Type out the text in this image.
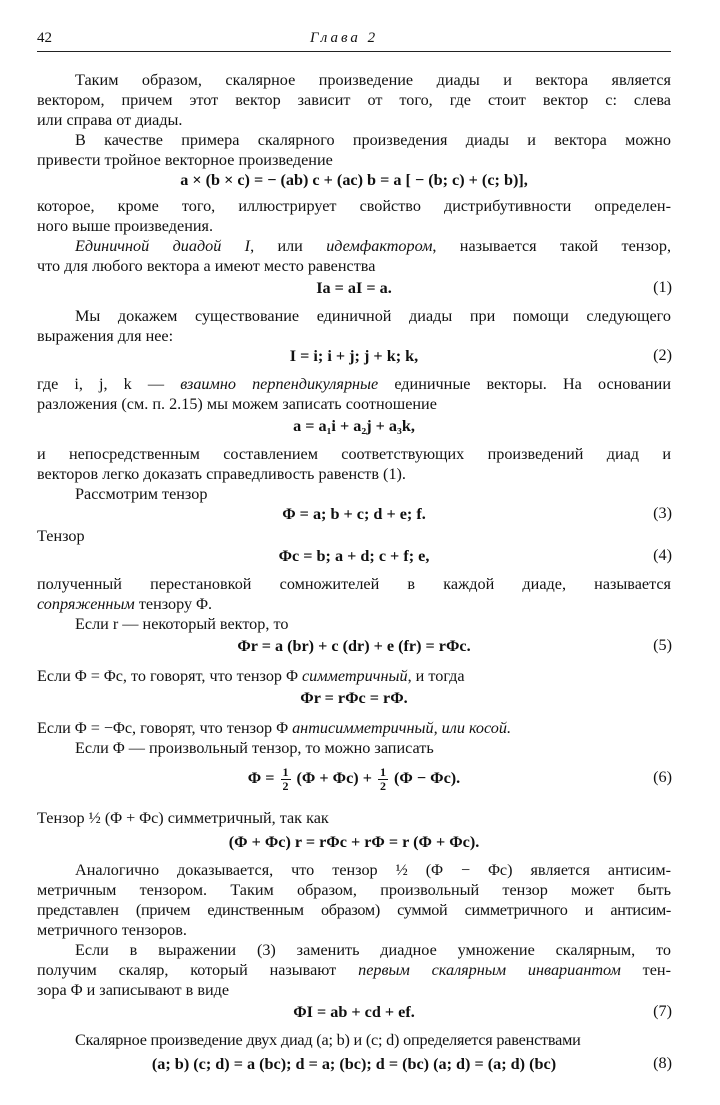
42	Глава 2
Таким образом, скалярное произведение диады и вектора является
вектором, причем этот вектор зависит от того, где стоит вектор c: слева
или справа от диады.
В качестве примера скалярного произведения диады и вектора можно
привести тройное векторное произведение
a × (b × c) = − (ab) c + (ac) b = a [ − (b; c) + (c; b)],
которое, кроме того, иллюстрирует свойство дистрибутивности определен-
ного выше произведения.
Единичной диадой I, или идемфактором, называется такой тензор,
что для любого вектора a имеют место равенства
Ia = aI = a.	(1)
Мы докажем существование единичной диады при помощи следующего
выражения для нее:
I = i; i + j; j + k; k,	(2)
где i, j, k — взаимно перпендикулярные единичные векторы. На основании
разложения (см. п. 2.15) мы можем записать соотношение
a = a₁i + a₂j + a₃k,
и непосредственным составлением соответствующих произведений диад и
векторов легко доказать справедливость равенств (1).
Рассмотрим тензор
Φ = a; b + c; d + e; f.	(3)
Тензор
Φc = b; a + d; c + f; e,	(4)
полученный перестановкой сомножителей в каждой диаде, называется
сопряженным тензору Φ.
Если r — некоторый вектор, то
Φr = a (br) + c (dr) + e (fr) = rΦc.	(5)
Если Φ = Φc, то говорят, что тензор Φ симметричный, и тогда
Φr = rΦc = rΦ.
Если Φ = −Φc, говорят, что тензор Φ антисимметричный, или косой.
Если Φ — произвольный тензор, то можно записать
$\Phi = \frac{1}{2} (\Phi + \Phi c) + \frac{1}{2} (\Phi - \Phi c)$.	(6)
Тензор ½ (Φ + Φc) симметричный, так как
(Φ + Φc) r = rΦc + rΦ = r (Φ + Φc).
Аналогично доказывается, что тензор ½ (Φ − Φc) является антисим-
метричным тензором. Таким образом, произвольный тензор может быть
представлен (причем единственным образом) суммой симметричного и антисим-
метричного тензоров.
Если в выражении (3) заменить диадное умножение скалярным, то
получим скаляр, который называют первым скалярным инвариантом тен-
зора Φ и записывают в виде
ΦI = ab + cd + ef.	(7)
Скалярное произведение двух диад (a; b) и (c; d) определяется равенствами
(a; b) (c; d) = a (bc); d = a; (bc); d = (bc) (a; d) = (a; d) (bc)	(8)
